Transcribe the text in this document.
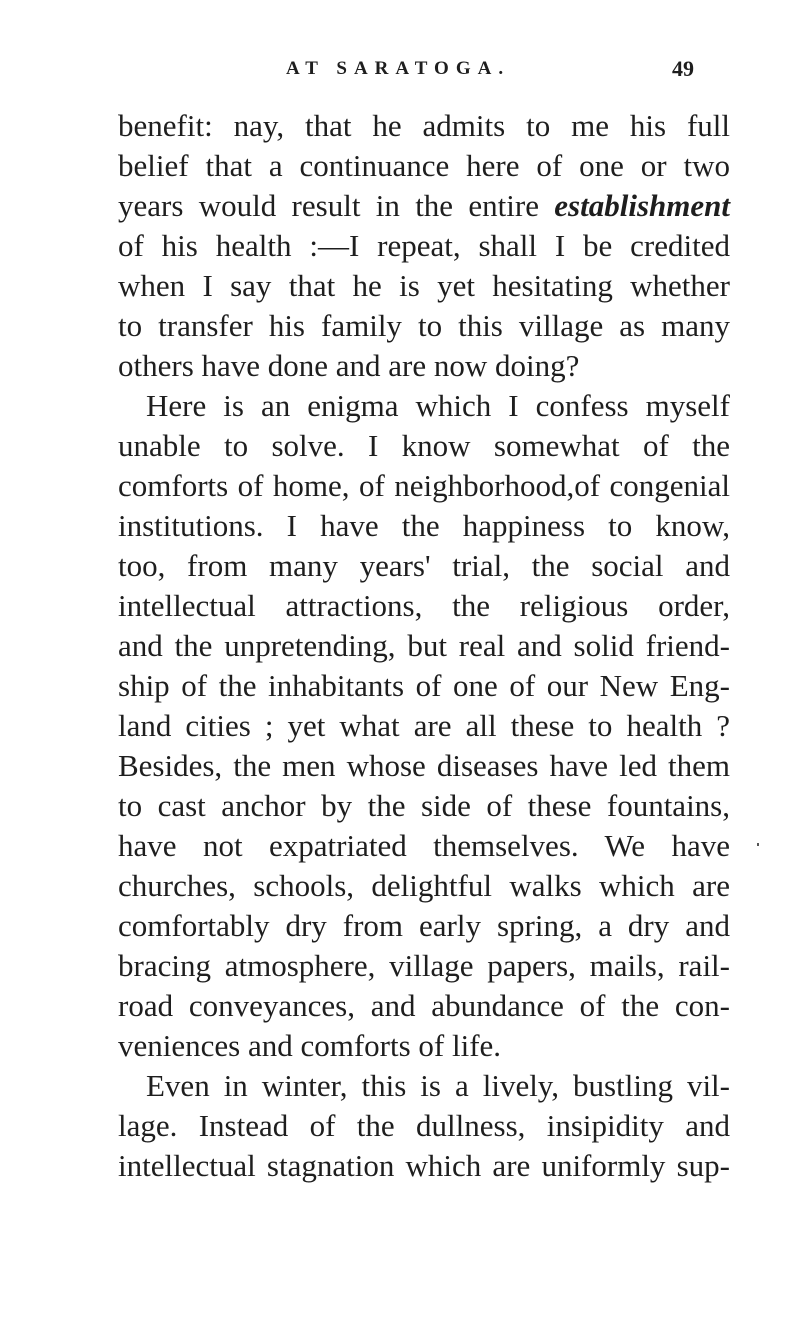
AT SARATOGA.	49
benefit: nay, that he admits to me his full
belief that a continuance here of one or two
years would result in the entire establishment
of his health :—I repeat, shall I be credited
when I say that he is yet hesitating whether
to transfer his family to this village as many
others have done and are now doing?
Here is an enigma which I confess myself
unable to solve. I know somewhat of the
comforts of home, of neighborhood,of congenial
institutions. I have the happiness to know,
too, from many years' trial, the social and
intellectual attractions, the religious order,
and the unpretending, but real and solid friend-
ship of the inhabitants of one of our New Eng-
land cities ; yet what are all these to health ?
Besides, the men whose diseases have led them
to cast anchor by the side of these fountains,
have not expatriated themselves. We have
churches, schools, delightful walks which are
comfortably dry from early spring, a dry and
bracing atmosphere, village papers, mails, rail-
road conveyances, and abundance of the con-
veniences and comforts of life.
Even in winter, this is a lively, bustling vil-
lage. Instead of the dullness, insipidity and
intellectual stagnation which are uniformly sup-
